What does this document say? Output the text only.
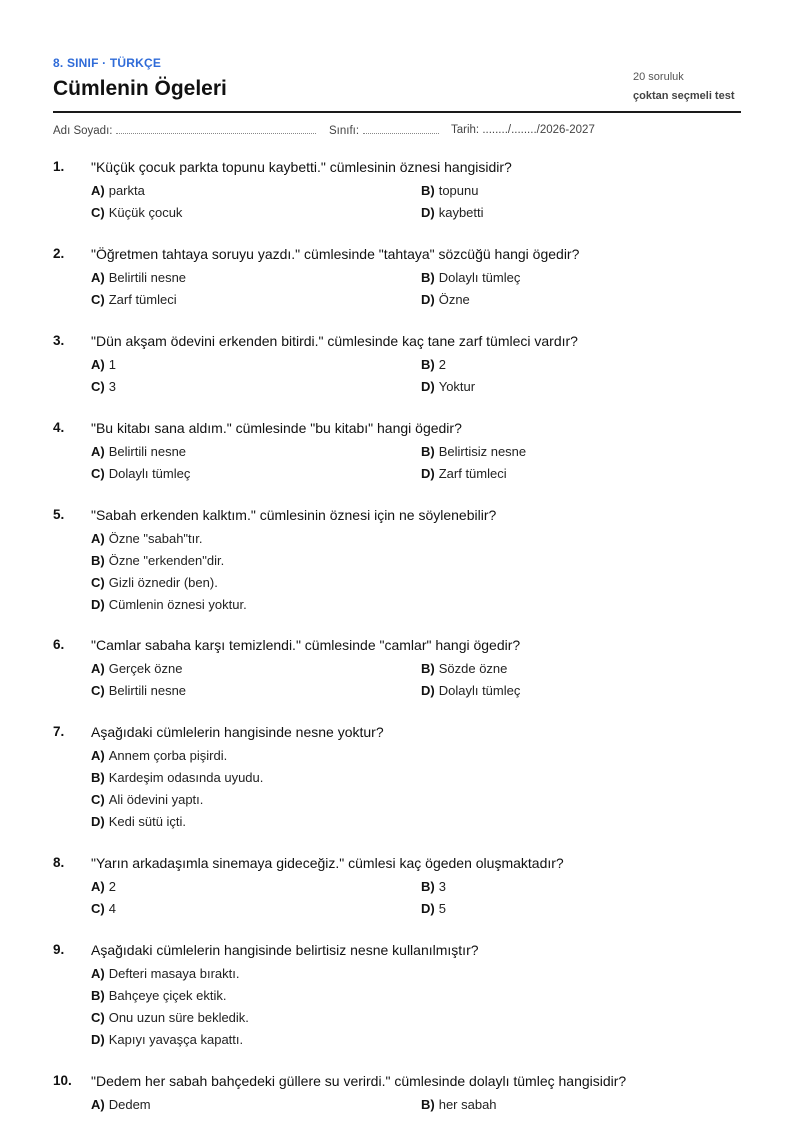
8. SINIF · TÜRKÇE
Cümlenin Ögeleri	20 soruluk
çoktan seçmeli test
Adı Soyadı:	Sınıfı:	Tarih: ......../......../2026-2027
1. "Küçük çocuk parkta topunu kaybetti." cümlesinin öznesi hangisidir?
A) parkta	B) topunu
C) Küçük çocuk	D) kaybetti
2. "Öğretmen tahtaya soruyu yazdı." cümlesinde "tahtaya" sözcüğü hangi ögedir?
A) Belirtili nesne	B) Dolaylı tümleç
C) Zarf tümleci	D) Özne
3. "Dün akşam ödevini erkenden bitirdi." cümlesinde kaç tane zarf tümleci vardır?
A) 1	B) 2
C) 3	D) Yoktur
4. "Bu kitabı sana aldım." cümlesinde "bu kitabı" hangi ögedir?
A) Belirtili nesne	B) Belirtisiz nesne
C) Dolaylı tümleç	D) Zarf tümleci
5. "Sabah erkenden kalktım." cümlesinin öznesi için ne söylenebilir?
A) Özne "sabah"tır.
B) Özne "erkenden"dir.
C) Gizli öznedir (ben).
D) Cümlenin öznesi yoktur.
6. "Camlar sabaha karşı temizlendi." cümlesinde "camlar" hangi ögedir?
A) Gerçek özne	B) Sözde özne
C) Belirtili nesne	D) Dolaylı tümleç
7. Aşağıdaki cümlelerin hangisinde nesne yoktur?
A) Annem çorba pişirdi.
B) Kardeşim odasında uyudu.
C) Ali ödevini yaptı.
D) Kedi sütü içti.
8. "Yarın arkadaşımla sinemaya gideceğiz." cümlesi kaç ögeden oluşmaktadır?
A) 2	B) 3
C) 4	D) 5
9. Aşağıdaki cümlelerin hangisinde belirtisiz nesne kullanılmıştır?
A) Defteri masaya bıraktı.
B) Bahçeye çiçek ektik.
C) Onu uzun süre bekledik.
D) Kapıyı yavaşça kapattı.
10. "Dedem her sabah bahçedeki güllere su verirdi." cümlesinde dolaylı tümleç hangisidir?
A) Dedem	B) her sabah
